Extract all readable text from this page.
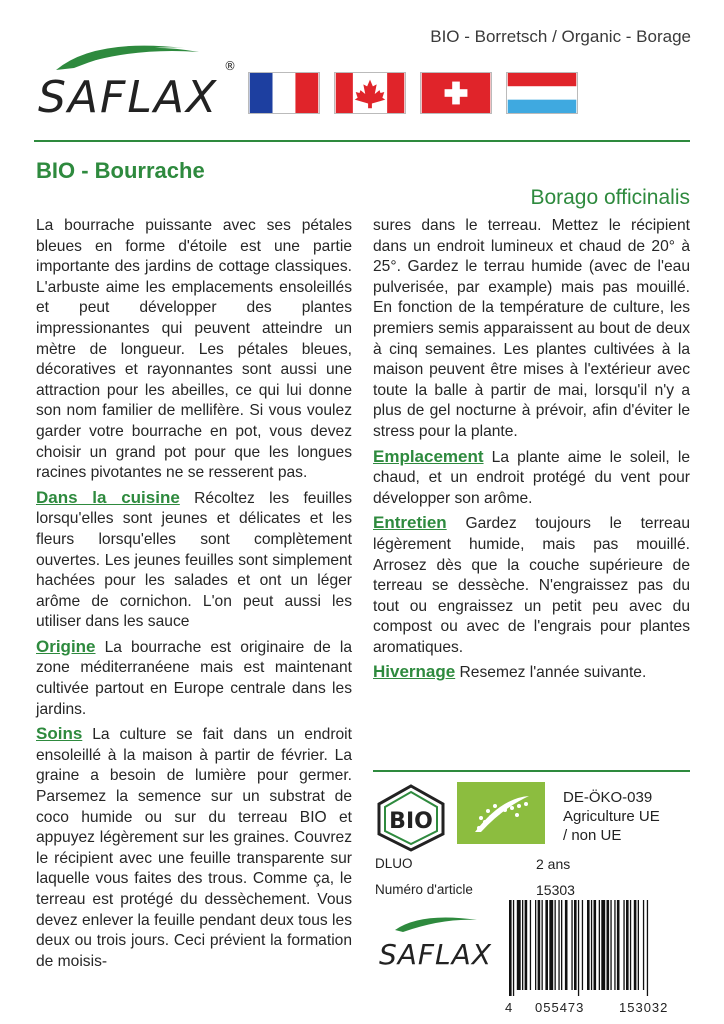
BIO - Borretsch / Organic - Borage
SAFLAX
®
BIO - Bourrache
Borago officinalis

La bourrache puissante avec ses pétales bleues en forme d'étoile est une partie importante des jardins de cottage classiques. L'arbuste aime les emplacements ensoleillés et peut développer des plantes impressionantes qui peuvent atteindre un mètre de longueur. Les pétales bleues, décoratives et rayonnantes sont aussi une attraction pour les abeilles, ce qui lui donne son nom familier de mellifère. Si vous voulez garder votre bourrache en pot, vous devez choisir un grand pot pour que les longues racines pivotantes ne se resserent pas.

Dans la cuisine Récoltez les feuilles lorsqu'elles sont jeunes et délicates et les fleurs lorsqu'elles sont complètement ouvertes. Les jeunes feuilles sont simplement hachées pour les salades et ont un léger arôme de cornichon. L'on peut aussi les utiliser dans les sauce

Origine La bourrache est originaire de la zone méditerranéene mais est maintenant cultivée partout en Europe centrale dans les jardins.

Soins La culture se fait dans un endroit ensoleillé à la maison à partir de février. La graine a besoin de lumière pour germer. Parsemez la semence sur un substrat de coco humide ou sur du terreau BIO et appuyez légèrement sur les graines. Couvrez le récipient avec une feuille transparente sur laquelle vous faites des trous. Comme ça, le terreau est protégé du dessèchement. Vous devez enlever la feuille pendant deux tous les deux ou trois jours. Ceci prévient la formation de moisis-

sures dans le terreau. Mettez le récipient dans un endroit lumineux et chaud de 20° à 25°. Gardez le terrau humide (avec de l'eau pulverisée, par example) mais pas mouillé. En fonction de la température de culture, les premiers semis apparaissent au bout de deux à cinq semaines. Les plantes cultivées à la maison peuvent être mises à l'extérieur avec toute la balle à partir de mai, lorsqu'il n'y a plus de gel nocturne à prévoir, afin d'éviter le stress pour la plante.

Emplacement La plante aime le soleil, le chaud, et un endroit protégé du vent pour développer son arôme.

Entretien Gardez toujours le terreau légèrement humide, mais pas mouillé. Arrosez dès que la couche supérieure de terreau se dessèche. N'engraissez pas du tout ou engraissez un petit peu avec du compost ou avec de l'engrais pour plantes aromatiques.

Hivernage Resemez l'année suivante.

BIO
DE-ÖKO-039
Agriculture UE
/ non UE
DLUO	2 ans
Numéro d'article	15303
SAFLAX
4 055473	153032
